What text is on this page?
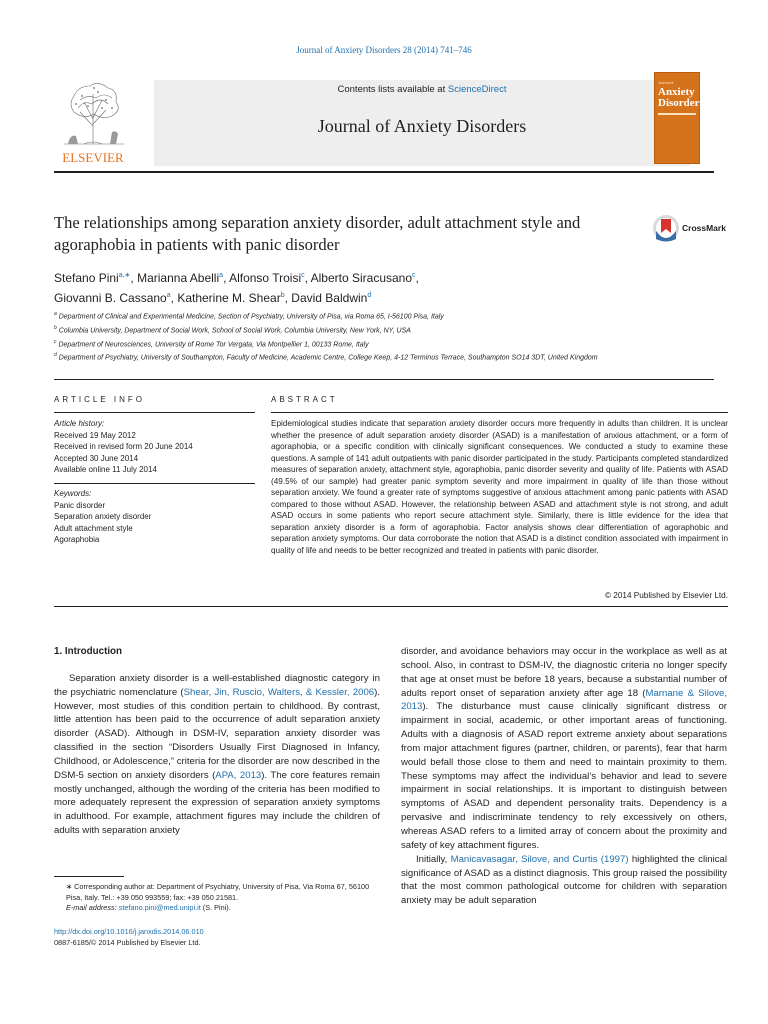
Journal of Anxiety Disorders 28 (2014) 741–746
ELSEVIER
Contents lists available at ScienceDirect
Journal of Anxiety Disorders
Journal of
Anxiety
Disorders
The relationships among separation anxiety disorder, adult attachment style and agoraphobia in patients with panic disorder
CrossMark
Stefano Pini$^{a,∗}$, Marianna Abelli$^a$, Alfonso Troisi$^c$, Alberto Siracusano$^c$,
Giovanni B. Cassano$^a$, Katherine M. Shear$^b$, David Baldwin$^d$
$^a$ Department of Clinical and Experimental Medicine, Section of Psychiatry, University of Pisa, via Roma 65, I-56100 Pisa, Italy
$^b$ Columbia University, Department of Social Work, School of Social Work, Columbia University, New York, NY, USA
$^c$ Department of Neurosciences, University of Rome Tor Vergata, Via Montpellier 1, 00133 Rome, Italy
$^d$ Department of Psychiatry, University of Southampton, Faculty of Medicine, Academic Centre, College Keep, 4-12 Terminus Terrace, Southampton SO14 3DT, United Kingdom
ARTICLE INFO	ABSTRACT
Article history:
Received 19 May 2012
Received in revised form 20 June 2014
Accepted 30 June 2014
Available online 11 July 2014
Keywords:
Panic disorder
Separation anxiety disorder
Adult attachment style
Agoraphobia

Epidemiological studies indicate that separation anxiety disorder occurs more frequently in adults than children. It is unclear whether the presence of adult separation anxiety disorder (ASAD) is a manifestation of anxious attachment, or a form of agoraphobia, or a specific condition with clinically significant consequences. We conducted a study to examine these questions. A sample of 141 adult outpatients with panic disorder participated in the study. Participants completed standardized measures of separation anxiety, attachment style, agoraphobia, panic disorder severity and quality of life. Patients with ASAD (49.5% of our sample) had greater panic symptom severity and more impairment in quality of life than those without separation anxiety. We found a greater rate of symptoms suggestive of anxious attachment among panic patients with ASAD compared to those without ASAD. However, the relationship between ASAD and attachment style is not strong, and adult ASAD occurs in some patients who report secure attachment style. Similarly, there is little evidence for the idea that separation anxiety disorder is a form of agoraphobia. Factor analysis shows clear differentiation of agoraphobic and separation anxiety symptoms. Our data corroborate the notion that ASAD is a distinct condition associated with impairment in quality of life and needs to be better recognized and treated in patients with panic disorder.

© 2014 Published by Elsevier Ltd.
1. Introduction

Separation anxiety disorder is a well-established diagnostic category in the psychiatric nomenclature (Shear, Jin, Ruscio, Walters, & Kessler, 2006). However, most studies of this condition pertain to childhood. By contrast, little attention has been paid to the occurrence of adult separation anxiety disorder (ASAD). Although in DSM-IV, separation anxiety disorder was classified in the section “Disorders Usually First Diagnosed in Infancy, Childhood, or Adolescence,” criteria for the disorder are now described in the DSM-5 section on anxiety disorders (APA, 2013). The core features remain mostly unchanged, although the wording of the criteria has been modified to more adequately represent the expression of separation anxiety symptoms in adulthood. For example, attachment figures may include the children of adults with separation anxiety

disorder, and avoidance behaviors may occur in the workplace as well as at school. Also, in contrast to DSM-IV, the diagnostic criteria no longer specify that age at onset must be before 18 years, because a substantial number of adults report onset of separation anxiety after age 18 (Marnane & Silove, 2013). The disturbance must cause clinically significant distress or impairment in social, academic, or other important areas of functioning. Adults with a diagnosis of ASAD report extreme anxiety about separations from major attachment figures (partner, children, or parents), fear that harm would befall those close to them and need to maintain proximity to them. These symptoms may affect the individual’s behavior and lead to severe impairment in social relationships. It is important to distinguish between symptoms of ASAD and dependent personality traits. Dependency is a pervasive and indiscriminate tendency to rely excessively on others, whereas ASAD refers to a limited array of concern about the proximity and safety of key attachment figures.

Initially, Manicavasagar, Silove, and Curtis (1997) highlighted the clinical significance of ASAD as a distinct diagnosis. This group raised the possibility that the most common pathological outcome for children with separation anxiety may be adult separation

∗ Corresponding author at: Department of Psychiatry, University of Pisa, Via Roma 67, 56100 Pisa, Italy. Tel.: +39 050 993559; fax: +39 050 21581.
E-mail address: stefano.pini@med.unipi.it (S. Pini).
http://dx.doi.org/10.1016/j.janxdis.2014.06.010
0887-6185/© 2014 Published by Elsevier Ltd.
